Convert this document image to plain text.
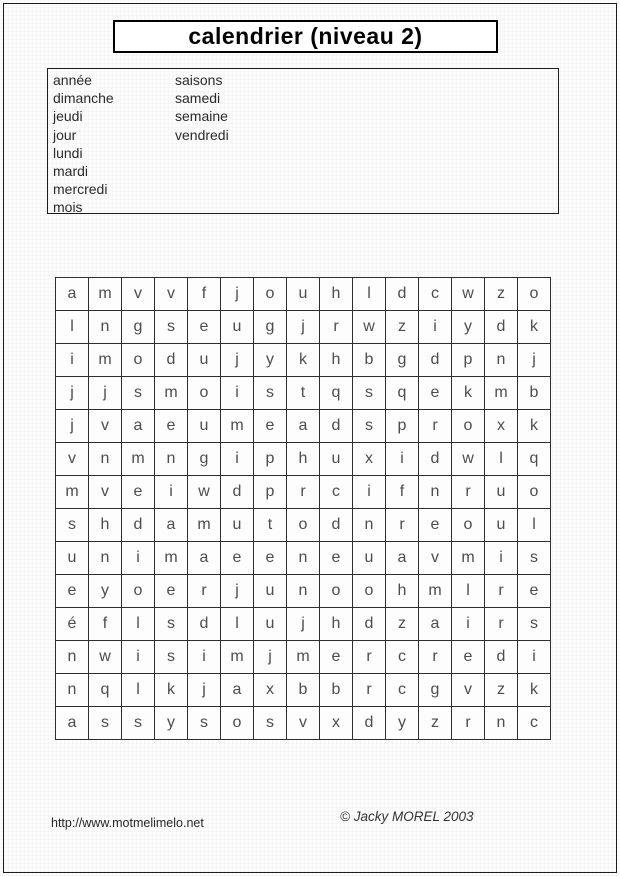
calendrier (niveau 2)
année
dimanche
jeudi
jour
lundi
mardi
mercredi
mois
saisons
samedi
semaine
vendredi
a	m	v	v	f	j	o	u	h	l	d	c	w	z	o
l	n	g	s	e	u	g	j	r	w	z	i	y	d	k
i	m	o	d	u	j	y	k	h	b	g	d	p	n	j
j	j	s	m	o	i	s	t	q	s	q	e	k	m	b
j	v	a	e	u	m	e	a	d	s	p	r	o	x	k
v	n	m	n	g	i	p	h	u	x	i	d	w	l	q
m	v	e	i	w	d	p	r	c	i	f	n	r	u	o
s	h	d	a	m	u	t	o	d	n	r	e	o	u	l
u	n	i	m	a	e	e	n	e	u	a	v	m	i	s
e	y	o	e	r	j	u	n	o	o	h	m	l	r	e
é	f	l	s	d	l	u	j	h	d	z	a	i	r	s
n	w	i	s	i	m	j	m	e	r	c	r	e	d	i
n	q	l	k	j	a	x	b	b	r	c	g	v	z	k
a	s	s	y	s	o	s	v	x	d	y	z	r	n	c
http://www.motmelimelo.net	© Jacky MOREL 2003
